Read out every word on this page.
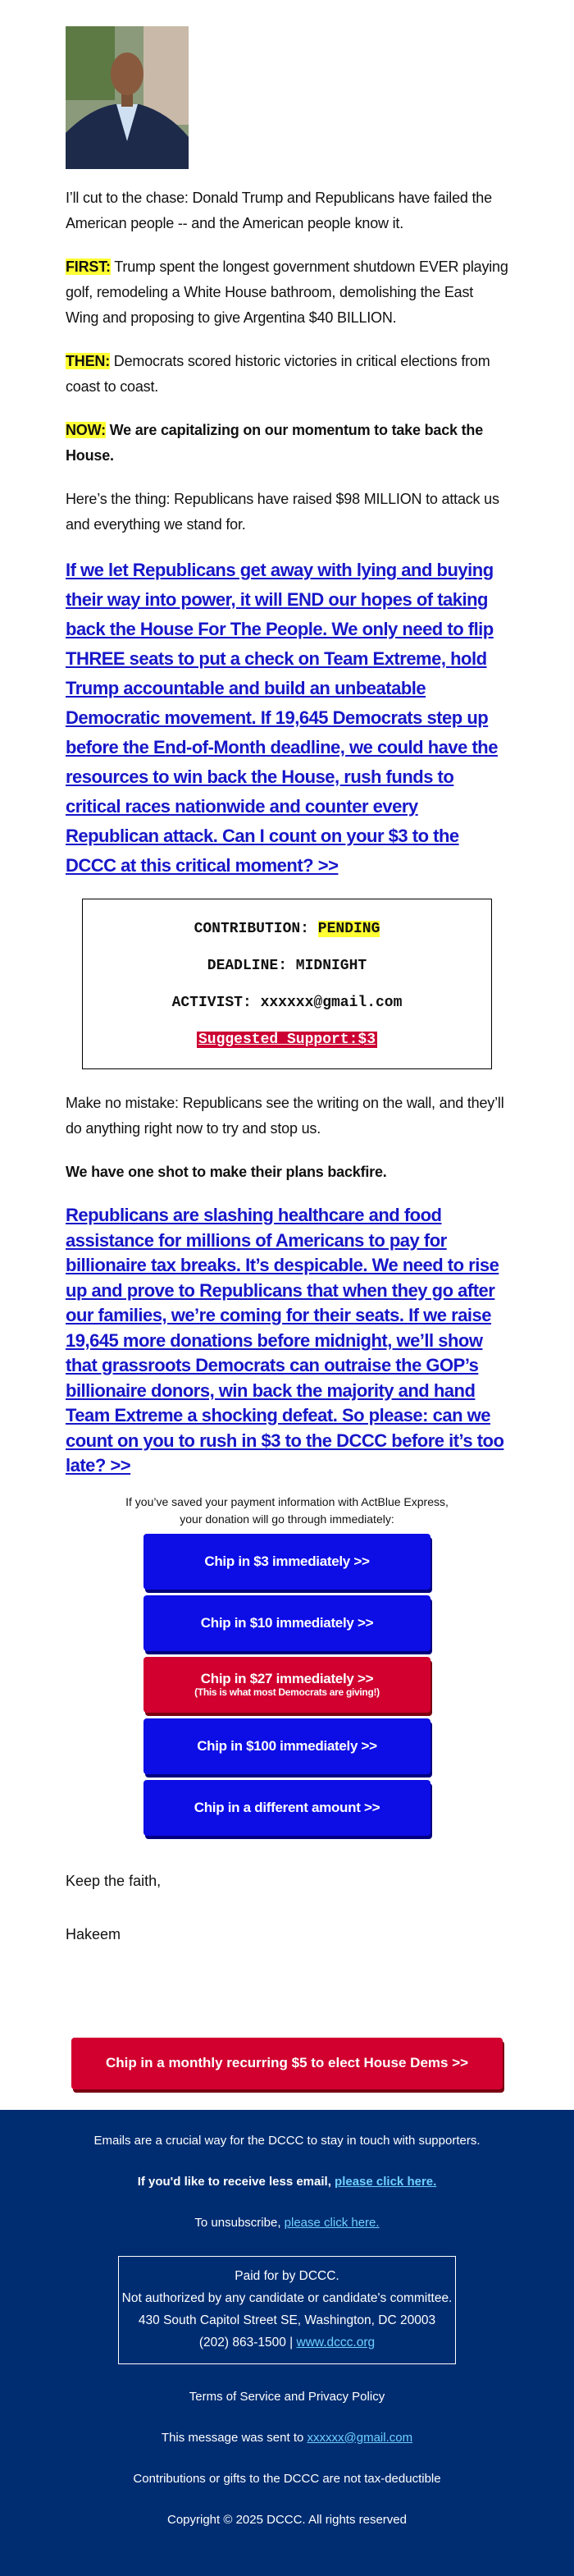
I’ll cut to the chase: Donald Trump and Republicans have failed the American people -- and the American people know it.

FIRST: Trump spent the longest government shutdown EVER playing golf, remodeling a White House bathroom, demolishing the East Wing and proposing to give Argentina $40 BILLION.

THEN: Democrats scored historic victories in critical elections from coast to coast.

NOW: We are capitalizing on our momentum to take back the House.

Here’s the thing: Republicans have raised $98 MILLION to attack us and everything we stand for.

If we let Republicans get away with lying and buying their way into power, it will END our hopes of taking back the House For The People. We only need to flip THREE seats to put a check on Team Extreme, hold Trump accountable and build an unbeatable Democratic movement. If 19,645 Democrats step up before the End-of-Month deadline, we could have the resources to win back the House, rush funds to critical races nationwide and counter every Republican attack. Can I count on your $3 to the DCCC at this critical moment? >>
CONTRIBUTION: PENDING
DEADLINE: MIDNIGHT
ACTIVIST: xxxxxx@gmail.com
Suggested Support:$3

Make no mistake: Republicans see the writing on the wall, and they’ll do anything right now to try and stop us.

We have one shot to make their plans backfire.

Republicans are slashing healthcare and food assistance for millions of Americans to pay for billionaire tax breaks. It’s despicable. We need to rise up and prove to Republicans that when they go after our families, we’re coming for their seats. If we raise 19,645 more donations before midnight, we’ll show that grassroots Democrats can outraise the GOP’s billionaire donors, win back the majority and hand Team Extreme a shocking defeat. So please: can we count on you to rush in $3 to the DCCC before it’s too late? >>
If you’ve saved your payment information with ActBlue Express,
your donation will go through immediately:
Chip in $3 immediately >>
Chip in $10 immediately >>
Chip in $27 immediately >>
(This is what most Democrats are giving!)
Chip in $100 immediately >>
Chip in a different amount >>

Keep the faith,

Hakeem

Chip in a monthly recurring $5 to elect House Dems >>

Emails are a crucial way for the DCCC to stay in touch with supporters.

If you'd like to receive less email, please click here.

To unsubscribe, please click here.

Paid for by DCCC.
Not authorized by any candidate or candidate's committee.
430 South Capitol Street SE, Washington, DC 20003
(202) 863-1500 | www.dccc.org

Terms of Service and Privacy Policy

This message was sent to xxxxxx@gmail.com

Contributions or gifts to the DCCC are not tax-deductible

Copyright © 2025 DCCC. All rights reserved
